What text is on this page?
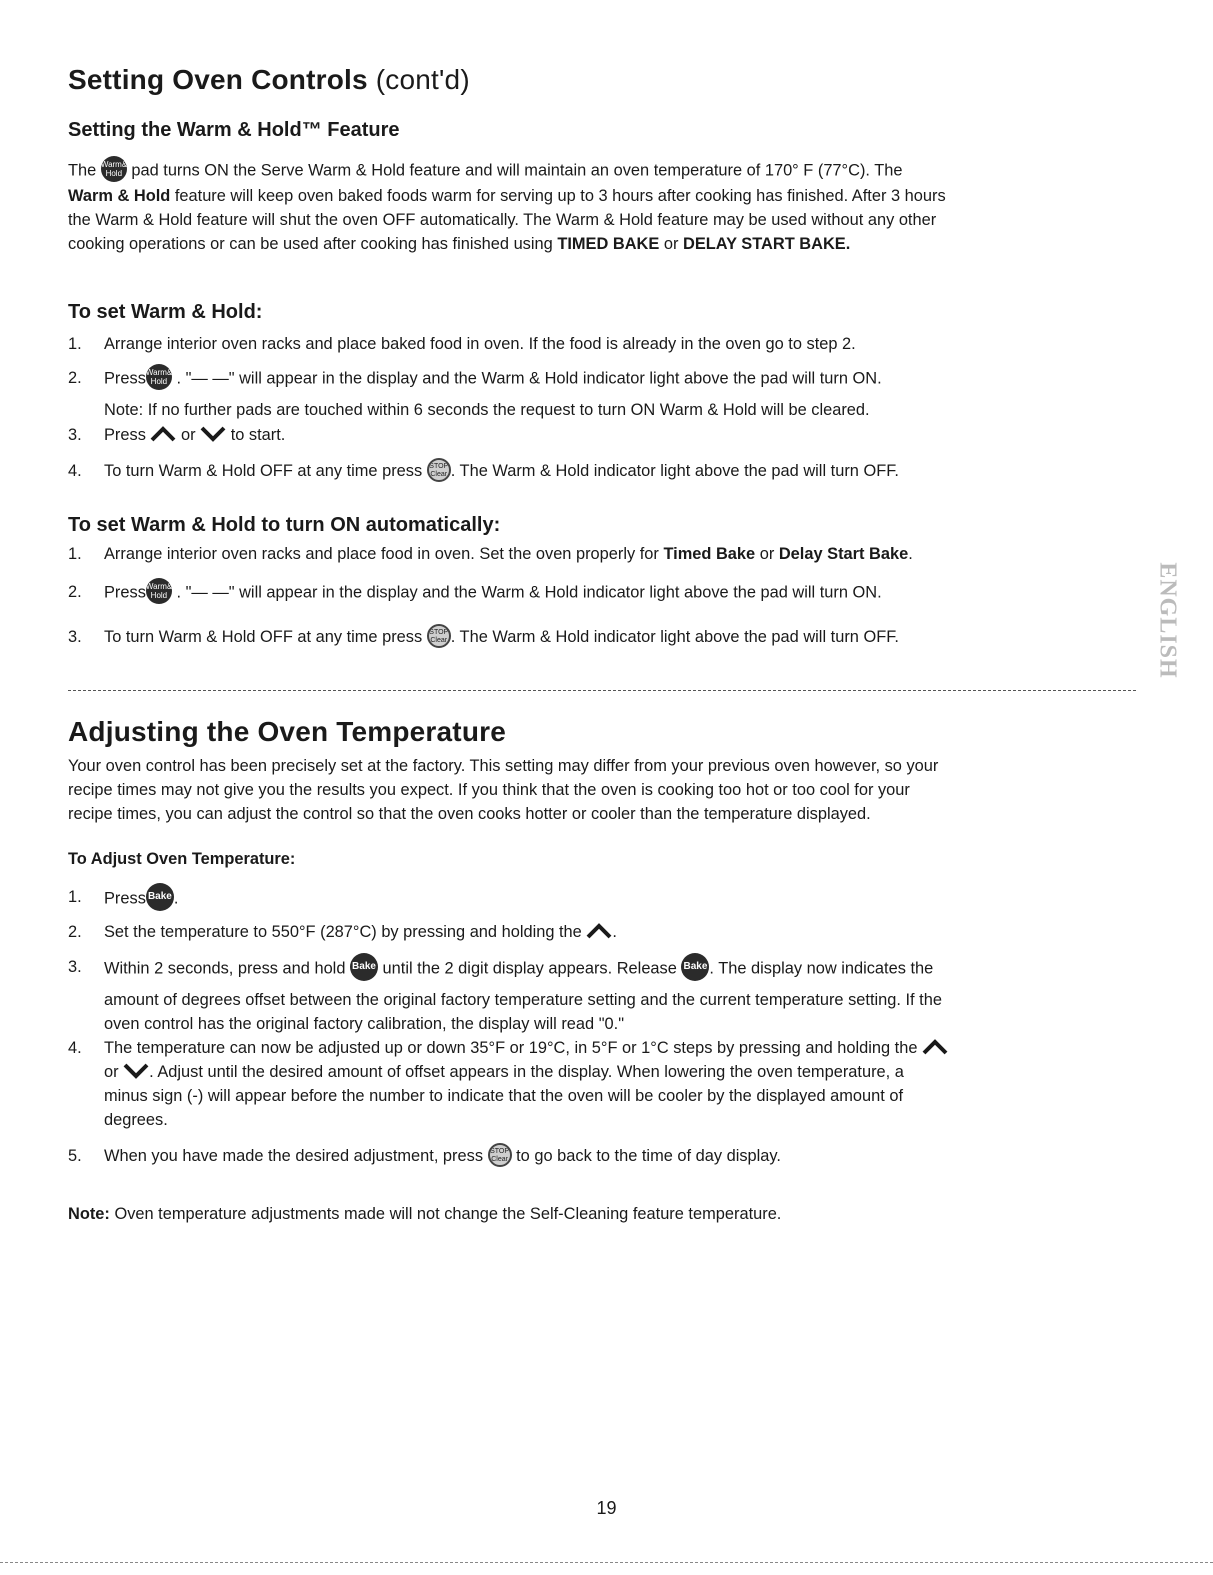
Setting Oven Controls (cont'd)
Setting the Warm & Hold™ Feature

The Warm&
Hold pad turns ON the Serve Warm & Hold feature and will maintain an oven temperature of 170° F (77°C). The

Warm & Hold feature will keep oven baked foods warm for serving up to 3 hours after cooking has finished. After 3 hours

the Warm & Hold feature will shut the oven OFF automatically. The Warm & Hold feature may be used without any other

cooking operations or can be used after cooking has finished using TIMED BAKE or DELAY START BAKE.

To set Warm & Hold:
1.	Arrange interior oven racks and place baked food in oven. If the food is already in the oven go to step 2.
2.	Press Warm&
Hold . "— —" will appear in the display and the Warm & Hold indicator light above the pad will turn ON.
Note: If no further pads are touched within 6 seconds the request to turn ON Warm & Hold will be cleared.
3.	Press  or  to start.
4.	To turn Warm & Hold OFF at any time press STOP
Clear . The Warm & Hold indicator light above the pad will turn OFF.
To set Warm & Hold to turn ON automatically:
1.	Arrange interior oven racks and place food in oven. Set the oven properly for Timed Bake or Delay Start Bake.
2.	Press Warm&
Hold . "— —" will appear in the display and the Warm & Hold indicator light above the pad will turn ON.
3.	To turn Warm & Hold OFF at any time press STOP
Clear . The Warm & Hold indicator light above the pad will turn OFF.	ENGLISH
Adjusting the Oven Temperature

Your oven control has been precisely set at the factory. This setting may differ from your previous oven however, so your

recipe times may not give you the results you expect. If you think that the oven is cooking too hot or too cool for your

recipe times, you can adjust the control so that the oven cooks hotter or cooler than the temperature displayed.

To Adjust Oven Temperature:
1.	Press Bake .
2.	Set the temperature to 550°F (287°C) by pressing and holding the .
3.	Within 2 seconds, press and hold Bake until the 2 digit display appears. Release Bake . The display now indicates the
amount of degrees offset between the original factory temperature setting and the current temperature setting. If the
oven control has the original factory calibration, the display will read "0."
4.	The temperature can now be adjusted up or down 35°F or 19°C, in 5°F or 1°C steps by pressing and holding the
or . Adjust until the desired amount of offset appears in the display. When lowering the oven temperature, a
minus sign (-) will appear before the number to indicate that the oven will be cooler by the displayed amount of
degrees.
5.	When you have made the desired adjustment, press STOP
Clear to go back to the time of day display.
Note: Oven temperature adjustments made will not change the Self-Cleaning feature temperature.
19
